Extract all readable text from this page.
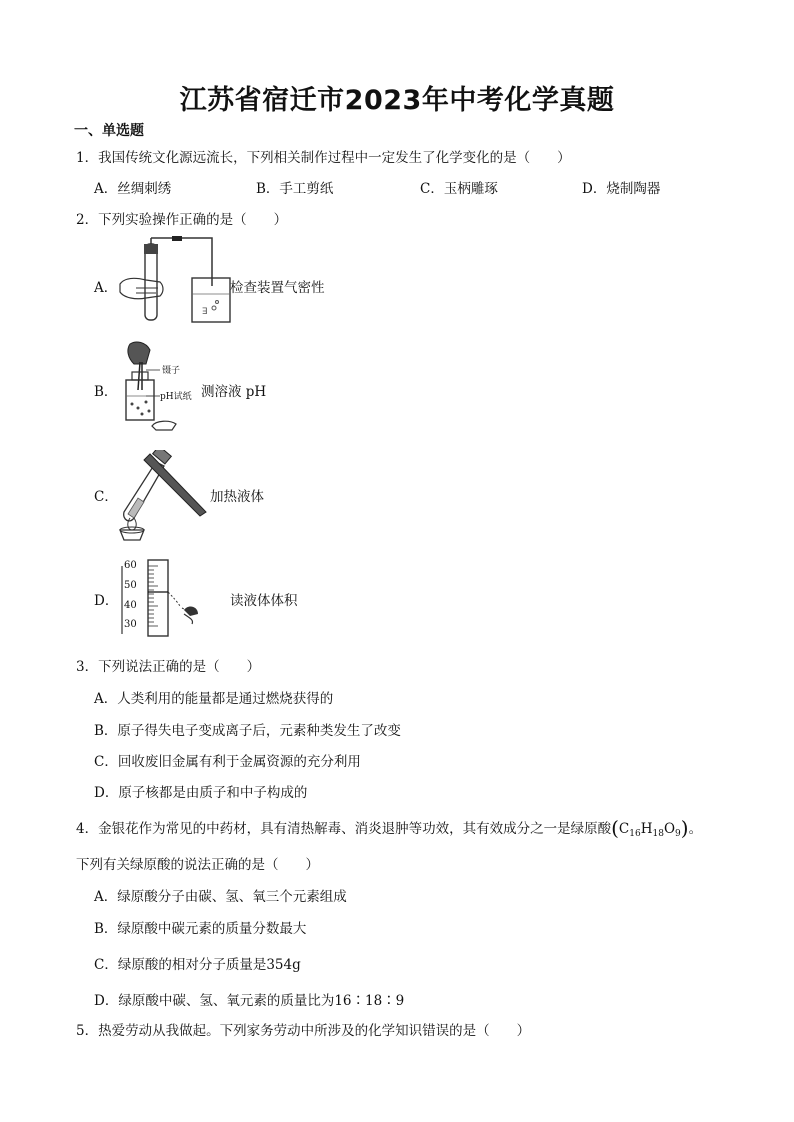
江苏省宿迁市2023年中考化学真题
一、单选题
1．我国传统文化源远流长，下列相关制作过程中一定发生了化学变化的是（　　）
A．丝绸刺绣	B．手工剪纸	C．玉柄雕琢	D．烧制陶器
2．下列实验操作正确的是（　　）
A．
ꓱ
检查装置气密性
B．
镊子
pH试纸 测溶液 pH
C．	加热液体
D．
60
50
40
30
读液体体积
3．下列说法正确的是（　　）
A．人类利用的能量都是通过燃烧获得的
B．原子得失电子变成离子后，元素种类发生了改变
C．回收废旧金属有利于金属资源的充分利用
D．原子核都是由质子和中子构成的
4．金银花作为常见的中药材，具有清热解毒、消炎退肿等功效，其有效成分之一是绿原酸$(C_{16}H_{18}O_9)$。
下列有关绿原酸的说法正确的是（　　）
A．绿原酸分子由碳、氢、氧三个元素组成
B．绿原酸中碳元素的质量分数最大
C．绿原酸的相对分子质量是354g
D．绿原酸中碳、氢、氧元素的质量比为16∶18∶9
5．热爱劳动从我做起。下列家务劳动中所涉及的化学知识错误的是（　　）
